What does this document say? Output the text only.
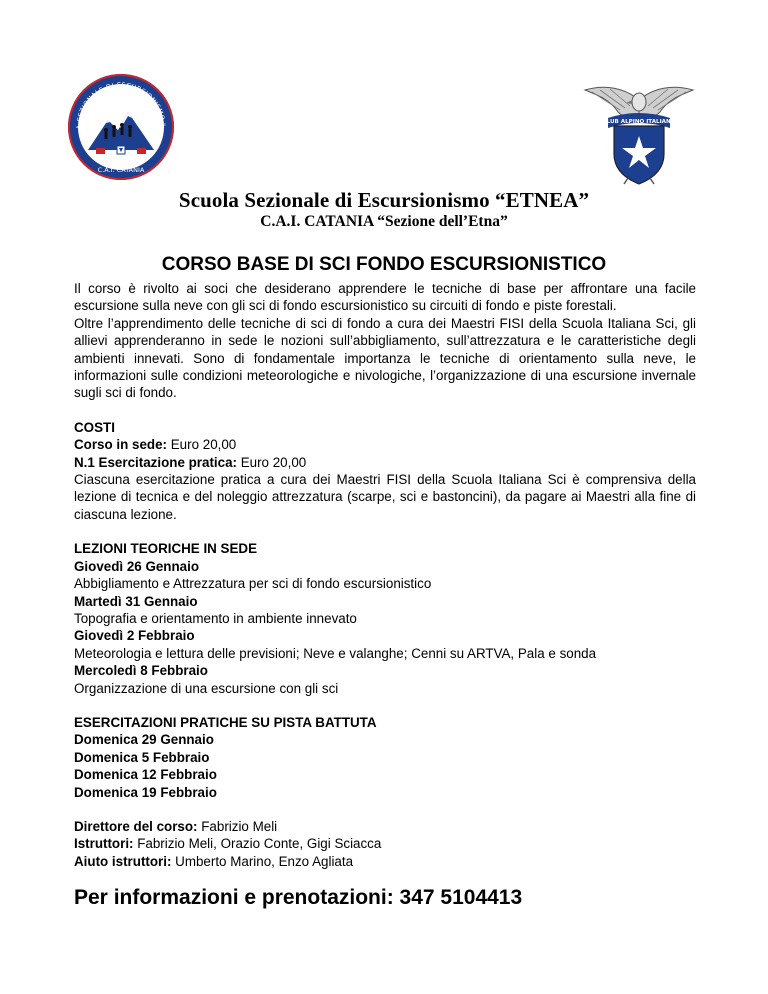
A SEZIONALE DI ESCURSIONISMO "
C.A.I. CATANIA
CLUB ALPINO ITALIANO
Scuola Sezionale di Escursionismo “ETNEA”
C.A.I. CATANIA “Sezione dell’Etna”
CORSO BASE DI SCI FONDO ESCURSIONISTICO

Il corso è rivolto ai soci che desiderano apprendere le tecniche di base per affrontare una facile escursione sulla neve con gli sci di fondo escursionistico su circuiti di fondo e piste forestali.

Oltre l’apprendimento delle tecniche di sci di fondo a cura dei Maestri FISI della Scuola Italiana Sci, gli allievi apprenderanno in sede le nozioni sull’abbigliamento, sull’attrezzatura e le caratteristiche degli ambienti innevati. Sono di fondamentale importanza le tecniche di orientamento sulla neve, le informazioni sulle condizioni meteorologiche e nivologiche, l’organizzazione di una escursione invernale sugli sci di fondo.

COSTI
Corso in sede: Euro 20,00
N.1 Esercitazione pratica: Euro 20,00
Ciascuna esercitazione pratica a cura dei Maestri FISI della Scuola Italiana Sci è comprensiva della lezione di tecnica e del noleggio attrezzatura (scarpe, sci e bastoncini), da pagare ai Maestri alla fine di ciascuna lezione.
LEZIONI TEORICHE IN SEDE
Giovedì 26 Gennaio
Abbigliamento e Attrezzatura per sci di fondo escursionistico
Martedì 31 Gennaio
Topografia e orientamento in ambiente innevato
Giovedì 2 Febbraio
Meteorologia e lettura delle previsioni; Neve e valanghe; Cenni su ARTVA, Pala e sonda
Mercoledì 8 Febbraio
Organizzazione di una escursione con gli sci
ESERCITAZIONI PRATICHE SU PISTA BATTUTA
Domenica 29 Gennaio
Domenica 5 Febbraio
Domenica 12 Febbraio
Domenica 19 Febbraio
Direttore del corso: Fabrizio Meli
Istruttori: Fabrizio Meli, Orazio Conte, Gigi Sciacca
Aiuto istruttori: Umberto Marino, Enzo Agliata
Per informazioni e prenotazioni: 347 5104413
